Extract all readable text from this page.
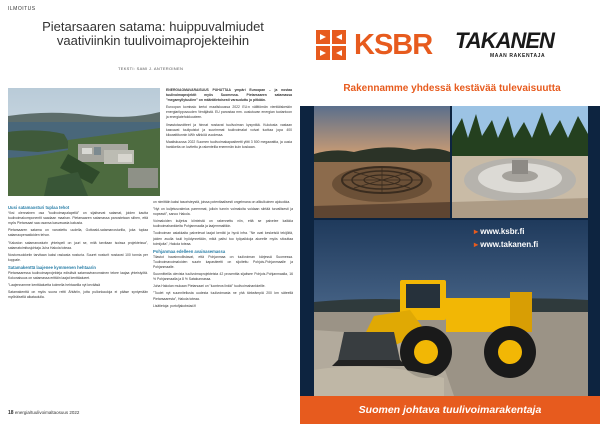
ILMOITUS
Pietarsaaren satama: huippuvalmiudet vaativiinkin tuulivoimaprojekteihin
TEKSTI: SAMI J. ANTEROINEN

ENERGIAOMAVARAISUUS PUHUTTAA ympäri Euroopan – ja nostaa tuulivoimaprojektit myös Suomessa. Pietarsaaren satamassa "megamyllytuulien" on määrätietoisesti varauduttu jo pitkään.

Euroopan komissio kertoi maaliskuussa 2022 EU:n välittömän vientiäiskeskin energiariippuvuuden Venäjästä. EU panostaa mm. uusiutuvan energian tuotantoon ja energiatehokkuuteen.

Ilmastotavoitteet ja hinnat nostavat tuulivoiman kysyntää. Kulutusta vastaan kasvavat tuulipuistot ja suurimmat tuulivoimalat voivat tuottaa jopa 400 kilowattitunnin kWh sähköä vuodessa.

Maaliskuussa 2022 Suomen tuulivoimakapasiteetti ylitti 3 500 megawattia, ja uusia hankkeita on luvitettu ja rakenteilla enemmän kuin koskaan.

Uusi satamaosturi tuplaa tehot

Yksi olennainen osa "tuulivoimapalapeliä" on sijaitsevat satamat, joiden kautta tuulivoimakomponentit saadaan maahan. Pietarsaaren satamassa panostetaan siihen, että myös Pietarsaari saa osansa kasvavasta kakusta.

Pietarsaaren satama on varustettu uudella, Gottwald-satamanosturilla, joka tuplaa satamaoperaatioiden tehon.

"Kaluston satamanosturin yhteispeli on juuri se, mitä tarvitaan isoissa projekteissa", satamatoimitusjohtaja Juha Hakola toteaa.

Nostomuokkeiin tarvitaan kaksi raskasta nosturia. Suuret nosturit nostavat 100 tonnia per koppale.

Satamakenttä laajenee kymmenen hehtaarin

Pietarsaaressa tuulivoimaprojekteja edistävä satamaviranomainen tekee laajaa yhteistyötä. Kokonaisuus on satamassa erittäin laajat kenttäalueet.

"Laajennamme kenttäaluetta kolmella hehtaarilla nyt kevääsä

Satamakenttä on myös suora reitti Ähtäriin, jotta pullonkauloja ei pääse syntymään myöhäisellä aikataululla.

on nimittäin kaksi tasoristeystä, joissa potentiaalisesti ongelmana on alikulkuinen ajoluokka.

"Nyt on kuljetusvalmius paremmat, jolloin tunnin voimaloita voidaan siirtää turvallisesti ja nopeasti", sanoo Hakola.

Voimaloiden kuljetus kiinteistä on rakennettu niin, että se palvelee kaikkia tuulivoimahankkeita Pohjanmaalla ja laajemmaltikin.

Tuulivoiman asiakkaita palvelevat laajat kentät ja hyvä infra. "Ne ovat keskeisiä tekijöitä, joiden avulla tuuli hyödynnetään, mikä paitsi tuo työpaikkoja alueelle myös sitouttaa toimijoita", Hakola toteaa.

Pohjanmaa edelleen avainasemassa

Tilastot havainnollistavat, että Pohjanmaa on tuulivoiman kärjessä Suomessa. Tuulivoimavoimaloiden suurin kapasiteetti on sijoitettu Pohjois-Pohjanmaalle ja Pohjanmaalle.

Suunnitteilla olevista tuulivoimaprojekteista 42 prosenttia sijaitsee Pohjois-Pohjanmaalla, 16 % Pohjanmaalla ja 8 % Satakunnassa.

Juha Hakolan mukaan Pietarsaari on "luonteva linkki" tuulivoimahankkeille.

"Tuulet nyt suunnitellusta uudesta tuulivoimasta ne yhä tärkeämpiä 200 km säteellä Pietarsaaresta", Hakola toteaa.

Lisätietoja: portofjakobstad.fi

18 energia/tuulivoimaltaosuus 2022
KSBR TAKANEN
MAAN RAKENTAJA
Rakennamme yhdessä kestävää tulevaisuutta
▸ www.ksbr.fi
▸ www.takanen.fi
Suomen johtava tuulivoimarakentaja
